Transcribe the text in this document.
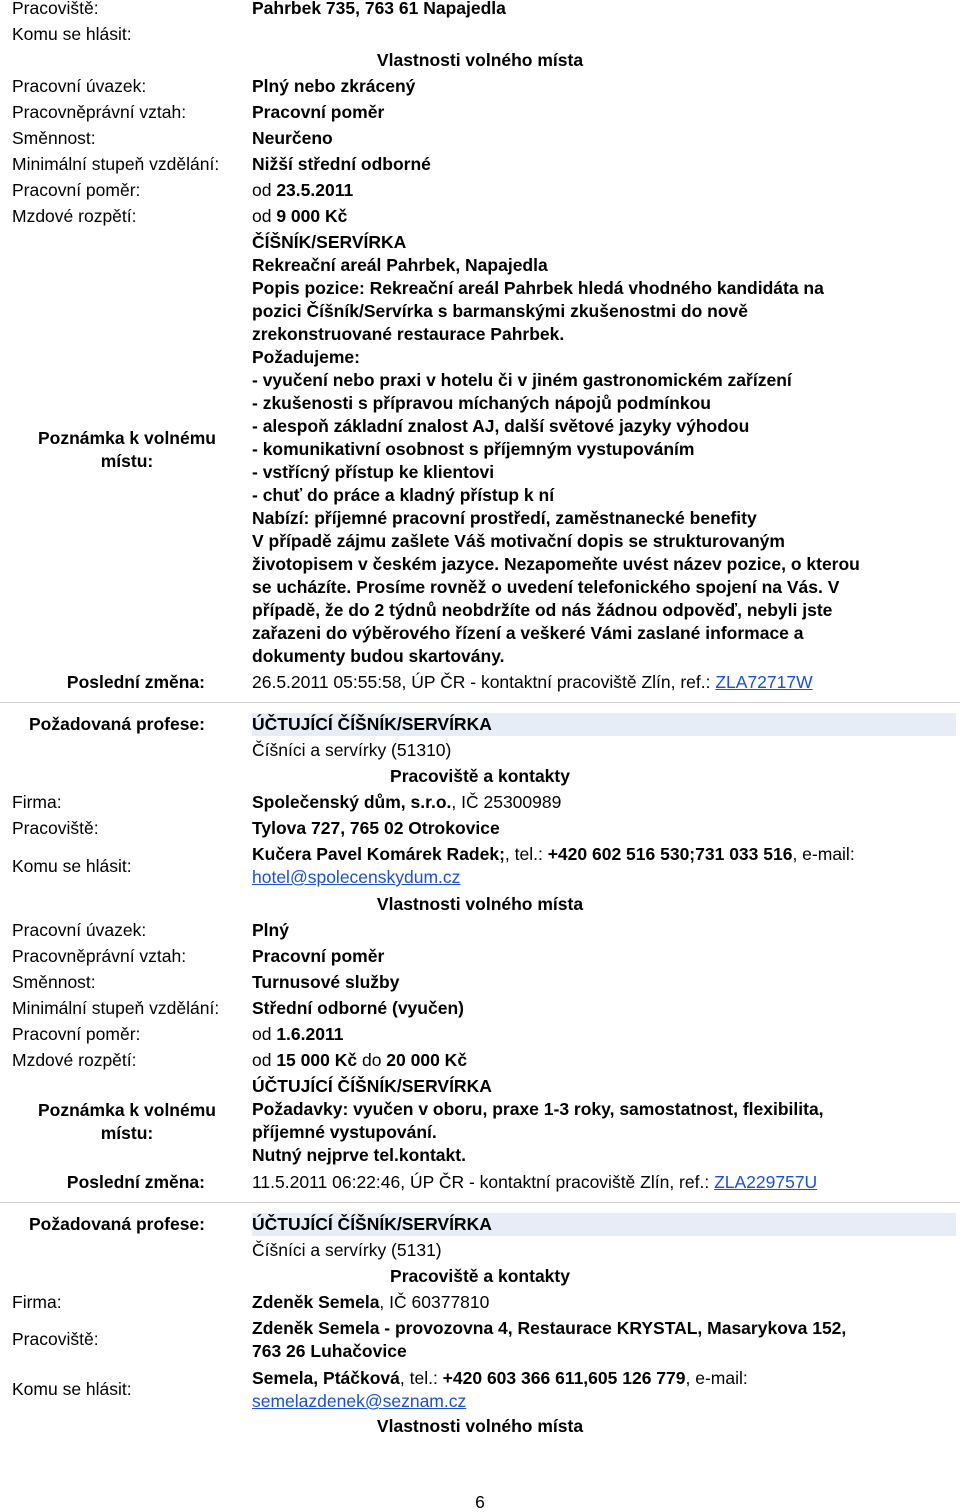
Pracoviště:	Pahrbek 735, 763 61 Napajedla
Komu se hlásit:
Vlastnosti volného místa
Pracovní úvazek:	Plný nebo zkrácený
Pracovněprávní vztah:	Pracovní poměr
Směnnost:	Neurčeno
Minimální stupeň vzdělání: Nižší střední odborné
Pracovní poměr:	od 23.5.2011
Mzdové rozpětí:	od 9 000 Kč
Poznámka k volnému
místu:
ČÍŠNÍK/SERVÍRKA
Rekreační areál Pahrbek, Napajedla
Popis pozice: Rekreační areál Pahrbek hledá vhodného kandidáta na
pozici Číšník/Servírka s barmanskými zkušenostmi do nově
zrekonstruované restaurace Pahrbek.
Požadujeme:
- vyučení nebo praxi v hotelu či v jiném gastronomickém zařízení
- zkušenosti s přípravou míchaných nápojů podmínkou
- alespoň základní znalost AJ, další světové jazyky výhodou
- komunikativní osobnost s příjemným vystupováním
- vstřícný přístup ke klientovi
- chuť do práce a kladný přístup k ní
Nabízí: příjemné pracovní prostředí, zaměstnanecké benefity
V případě zájmu zašlete Váš motivační dopis se strukturovaným
životopisem v českém jazyce. Nezapomeňte uvést název pozice, o kterou
se ucházíte. Prosíme rovněž o uvedení telefonického spojení na Vás. V
případě, že do 2 týdnů neobdržíte od nás žádnou odpověď, nebyli jste
zařazeni do výběrového řízení a veškeré Vámi zaslané informace a
dokumenty budou skartovány.
Poslední změna:	26.5.2011 05:55:58, ÚP ČR - kontaktní pracoviště Zlín, ref.: ZLA72717W
Požadovaná profese:	ÚČTUJÍCÍ ČÍŠNÍK/SERVÍRKA
Číšníci a servírky (51310)
Pracoviště a kontakty
Firma:	Společenský dům, s.r.o., IČ 25300989
Pracoviště:	Tylova 727, 765 02 Otrokovice
Komu se hlásit:
Kučera Pavel Komárek Radek;, tel.: +420 602 516 530;731 033 516, e-mail:
hotel@spolecenskydum.cz
Vlastnosti volného místa
Pracovní úvazek:	Plný
Pracovněprávní vztah:	Pracovní poměr
Směnnost:	Turnusové služby
Minimální stupeň vzdělání: Střední odborné (vyučen)
Pracovní poměr:	od 1.6.2011
Mzdové rozpětí:	od 15 000 Kč do 20 000 Kč
Poznámka k volnému
místu:
ÚČTUJÍCÍ ČÍŠNÍK/SERVÍRKA
Požadavky: vyučen v oboru, praxe 1-3 roky, samostatnost, flexibilita,
příjemné vystupování.
Nutný nejprve tel.kontakt.
Poslední změna:	11.5.2011 06:22:46, ÚP ČR - kontaktní pracoviště Zlín, ref.: ZLA229757U
Požadovaná profese:	ÚČTUJÍCÍ ČÍŠNÍK/SERVÍRKA
Číšníci a servírky (5131)
Pracoviště a kontakty
Firma:	Zdeněk Semela, IČ 60377810
Pracoviště:
Zdeněk Semela - provozovna 4, Restaurace KRYSTAL, Masarykova 152,
763 26 Luhačovice
Komu se hlásit:
Semela, Ptáčková, tel.: +420 603 366 611,605 126 779, e-mail:
semelazdenek@seznam.cz
Vlastnosti volného místa
6
